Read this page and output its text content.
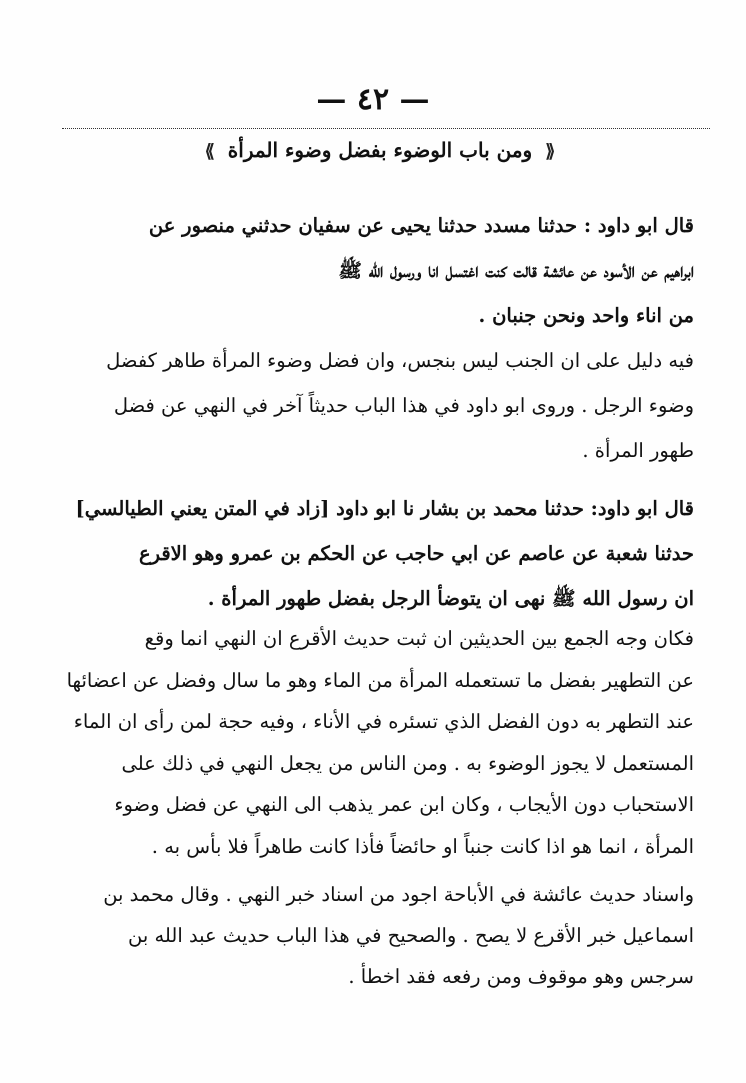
— ٤٢ —
⟪ ومن باب الوضوء بفضل وضوء المرأة ⟫
قال ابو داود : حدثنا مسدد حدثنا يحيى عن سفيان حدثني منصور عن
ابراهيم عن الأسود عن عائشة قالت كنت اغتسل انا ورسول الله ﷺ
من اناء واحد ونحن جنبان .
فيه دليل على ان الجنب ليس بنجس، وان فضل وضوء المرأة طاهر كفضل
وضوء الرجل . وروى ابو داود في هذا الباب حديثاً آخر في النهي عن فضل
طهور المرأة .
قال ابو داود: حدثنا محمد بن بشار نا ابو داود [زاد في المتن يعني الطيالسي]
حدثنا شعبة عن عاصم عن ابي حاجب عن الحكم بن عمرو وهو الاقرع
ان رسول الله ﷺ نهى ان يتوضأ الرجل بفضل طهور المرأة .
فكان وجه الجمع بين الحديثين ان ثبت حديث الأقرع ان النهي انما وقع
عن التطهير بفضل ما تستعمله المرأة من الماء وهو ما سال وفضل عن اعضائها
عند التطهر به دون الفضل الذي تسئره في الأناء ، وفيه حجة لمن رأى ان الماء
المستعمل لا يجوز الوضوء به . ومن الناس من يجعل النهي في ذلك على
الاستحباب دون الأيجاب ، وكان ابن عمر يذهب الى النهي عن فضل وضوء
المرأة ، انما هو اذا كانت جنباً او حائضاً فأذا كانت طاهراً فلا بأس به .
واسناد حديث عائشة في الأباحة اجود من اسناد خبر النهي . وقال محمد بن
اسماعيل خبر الأقرع لا يصح . والصحيح في هذا الباب حديث عبد الله بن
سرجس وهو موقوف ومن رفعه فقد اخطأ .
